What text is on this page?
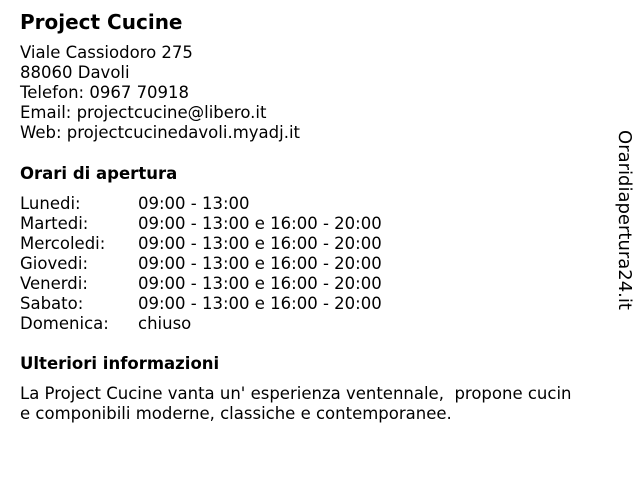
Project Cucine
Viale Cassiodoro 275
88060 Davoli
Telefon: 0967 70918
Email: projectcucine@libero.it
Web: projectcucinedavoli.myadj.it
Orari di apertura
Lunedi:	09:00 - 13:00
Martedi:	09:00 - 13:00 e 16:00 - 20:00
Mercoledi: 09:00 - 13:00 e 16:00 - 20:00
Giovedi:	09:00 - 13:00 e 16:00 - 20:00
Venerdi:	09:00 - 13:00 e 16:00 - 20:00
Sabato:	09:00 - 13:00 e 16:00 - 20:00
Domenica: chiuso
Ulteriori informazioni

La Project Cucine vanta un' esperienza ventennale,  propone cucin
e componibili moderne, classiche e contemporanee.

Oraridiapertura24.it
